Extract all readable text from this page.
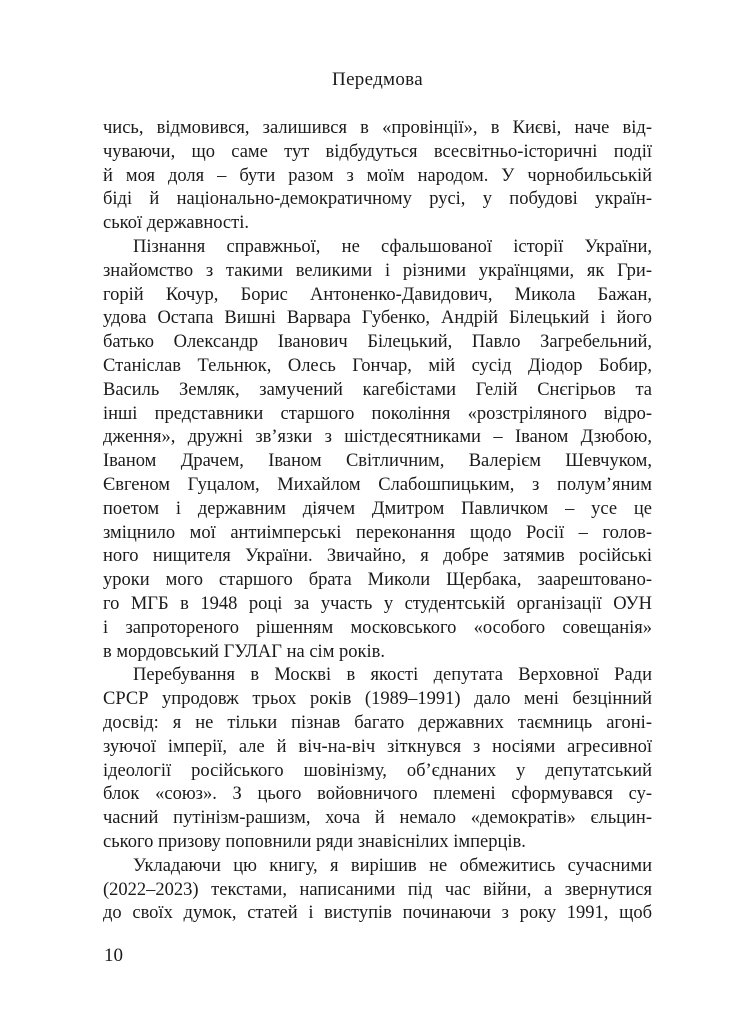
Передмова
чись, відмовився, залишився в «провінції», в Києві, наче від-
чуваючи, що саме тут відбудуться всесвітньо-історичні події
й моя доля – бути разом з моїм народом. У чорнобильській
біді й національно-демократичному русі, у побудові україн-
ської державності.
Пізнання справжньої, не сфальшованої історії України,
знайомство з такими великими і різними українцями, як Гри-
горій Кочур, Борис Антоненко-Давидович, Микола Бажан,
удова Остапа Вишні Варвара Губенко, Андрій Білецький і його
батько Олександр Іванович Білецький, Павло Загребельний,
Станіслав Тельнюк, Олесь Гончар, мій сусід Діодор Бобир,
Василь Земляк, замучений кагебістами Гелій Снєгірьов та
інші представники старшого покоління «розстріляного відро-
дження», дружні зв’язки з шістдесятниками – Іваном Дзюбою,
Іваном Драчем, Іваном Світличним, Валерієм Шевчуком,
Євгеном Гуцалом, Михайлом Слабошпицьким, з полум’яним
поетом і державним діячем Дмитром Павличком – усе це
зміцнило мої антиімперські переконання щодо Росії – голов-
ного нищителя України. Звичайно, я добре затямив російські
уроки мого старшого брата Миколи Щербака, заарештовано-
го МГБ в 1948 році за участь у студентській організації ОУН
і запротореного рішенням московського «особого совещанія»
в мордовський ГУЛАГ на сім років.
Перебування в Москві в якості депутата Верховної Ради
СРСР упродовж трьох років (1989–1991) дало мені безцінний
досвід: я не тільки пізнав багато державних таємниць агоні-
зуючої імперії, але й віч-на-віч зіткнувся з носіями агресивної
ідеології російського шовінізму, об’єднаних у депутатський
блок «союз». З цього войовничого племені сформувався су-
часний путінізм-рашизм, хоча й немало «демократів» єльцин-
ського призову поповнили ряди знавіснілих імперців.
Укладаючи цю книгу, я вирішив не обмежитись сучасними
(2022–2023) текстами, написаними під час війни, а звернутися
до своїх думок, статей і виступів починаючи з року 1991, щоб
10
